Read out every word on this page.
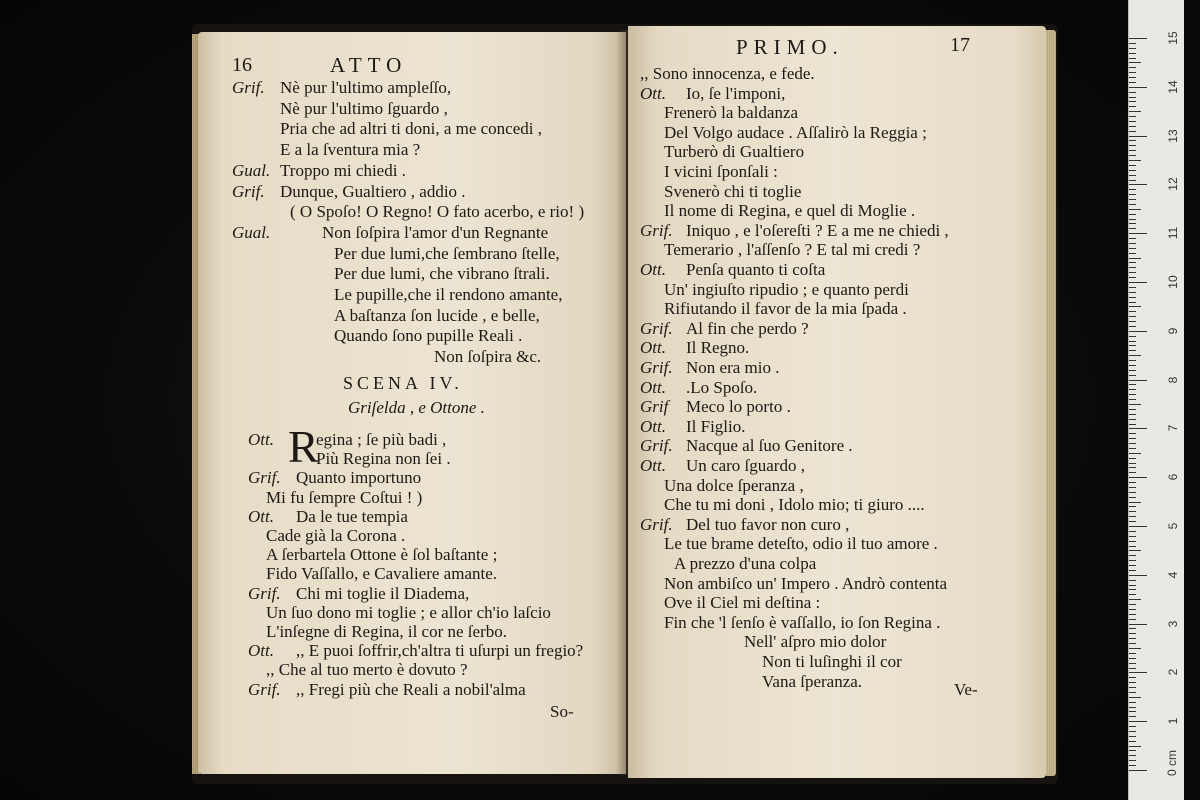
16	ATTO
Grif. Nè pur l'ultimo ampleſſo,
Nè pur l'ultimo ſguardo ,
Pria che ad altri ti doni, a me concedi ,
E a la ſventura mia ?
Gual. Troppo mi chiedi .
Grif. Dunque, Gualtiero , addio .
( O Spoſo! O Regno! O fato acerbo, e rio! )
Gual.	Non ſoſpira l'amor d'un Regnante
Per due lumi,che ſembrano ſtelle,
Per due lumi, che vibrano ſtrali.
Le pupille,che il rendono amante,
A baſtanza ſon lucide , e belle,
Quando ſono pupille Reali .
Non ſoſpira &c.
SCENA IV.
Griſelda , e Ottone .
R
Ott. egina ; ſe più badi ,
Più Regina non ſei .
Grif. Quanto importuno
Mi fu ſempre Coſtui ! )
Ott. Da le tue tempia
Cade già la Corona .
A ſerbartela Ottone è ſol baſtante ;
Fido Vaſſallo, e Cavaliere amante.
Grif. Chi mi toglie il Diadema,
Un ſuo dono mi toglie ; e allor ch'io laſcio
L'inſegne di Regina, il cor ne ſerbo.
Ott. ,, E puoi ſoffrir,ch'altra ti uſurpi un fregio?
,, Che al tuo merto è dovuto ?
Grif. ,, Fregi più che Reali a nobil'alma
So-
PRIMO.	17
,, Sono innocenza, e fede.
Ott. Io, ſe l'imponi,
Frenerò la baldanza
Del Volgo audace . Aſſalirò la Reggia ;
Turberò di Gualtiero
I vicini ſponſali :
Svenerò chi ti toglie
Il nome di Regina, e quel di Moglie .
Grif. Iniquo , e l'oſereſti ? E a me ne chiedi ,
Temerario , l'aſſenſo ? E tal mi credi ?
Ott. Penſa quanto ti coſta
Un' ingiuſto ripudio ; e quanto perdi
Rifiutando il favor de la mia ſpada .
Grif. Al fin che perdo ?
Ott. Il Regno.
Grif. Non era mio .
Ott. .Lo Spoſo.
Grif Meco lo porto .
Ott. Il Figlio.
Grif. Nacque al ſuo Genitore .
Ott. Un caro ſguardo ,
Una dolce ſperanza ,
Che tu mi doni , Idolo mio; ti giuro ....
Grif. Del tuo favor non curo ,
Le tue brame deteſto, odio il tuo amore .
A prezzo d'una colpa
Non ambiſco un' Impero . Andrò contenta
Ove il Ciel mi deſtina :
Fin che 'l ſenſo è vaſſallo, io ſon Regina .
Nell' aſpro mio dolor
Non ti luſinghi il cor
Vana ſperanza.	Ve-
15
14
13
12
11
10
9
8
7
6
5
4
3
2
1
0 cm
